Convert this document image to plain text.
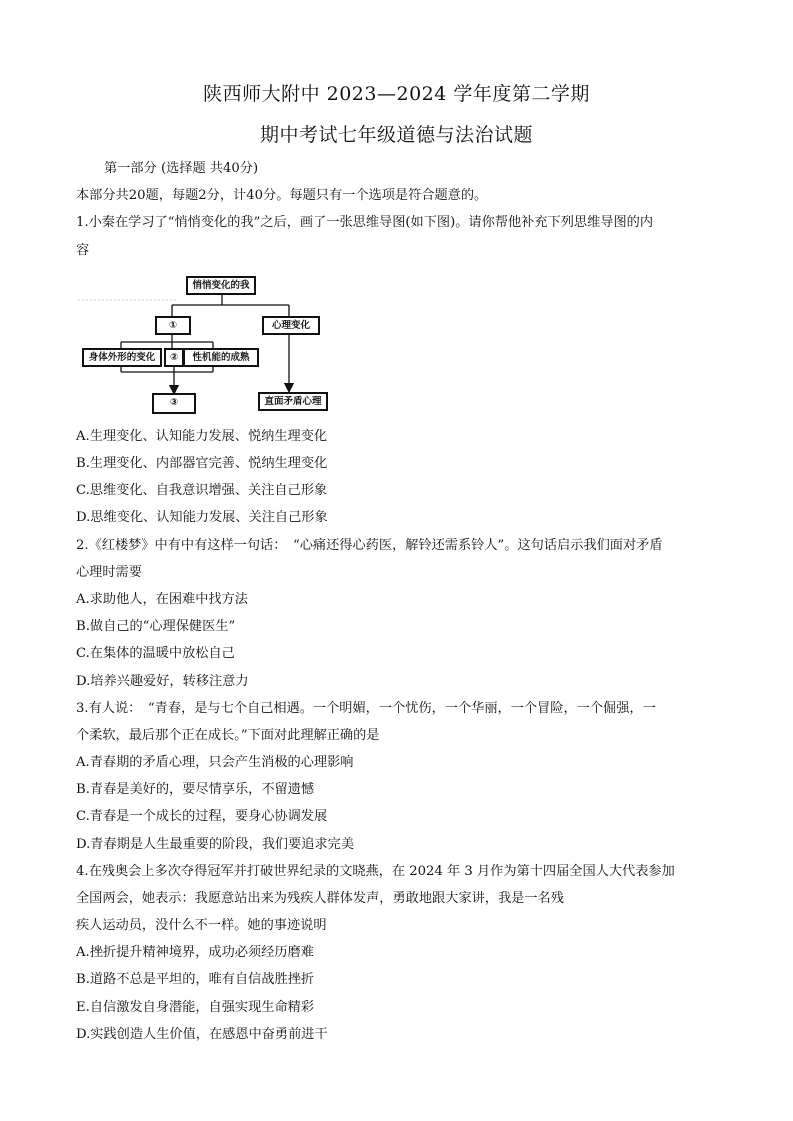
陕西师大附中 2023—2024 学年度第二学期
期中考试七年级道德与法治试题
第一部分 (选择题 共40分)
本部分共20题，每题2分，计40分。每题只有一个选项是符合题意的。
1.小秦在学习了“悄悄变化的我”之后，画了一张思维导图(如下图)。请你帮他补充下列思维导图的内
容
悄悄变化的我
①	心理变化
身体外形的变化	②	性机能的成熟
③	直面矛盾心理
A.生理变化、认知能力发展、悦纳生理变化
B.生理变化、内部器官完善、悦纳生理变化
C.思维变化、自我意识增强、关注自己形象
D.思维变化、认知能力发展、关注自己形象
2.《红楼梦》中有中有这样一句话：　“心痛还得心药医，解铃还需系铃人”。这句话启示我们面对矛盾
心理时需要
A.求助他人，在困难中找方法
B.做自己的“心理保健医生”
C.在集体的温暖中放松自己
D.培养兴趣爱好，转移注意力
3.有人说：　“青春，是与七个自己相遇。一个明媚，一个忧伤，一个华丽，一个冒险，一个倔强，一
个柔软，最后那个正在成长。”下面对此理解正确的是
A.青春期的矛盾心理，只会产生消极的心理影响
B.青春是美好的，要尽情享乐，不留遗憾
C.青春是一个成长的过程，要身心协调发展
D.青春期是人生最重要的阶段，我们要追求完美
4.在残奥会上多次夺得冠军并打破世界纪录的文晓燕，在 2024 年 3 月作为第十四届全国人大代表参加
全国两会，她表示：我愿意站出来为残疾人群体发声，勇敢地跟大家讲，我是一名残
疾人运动员，没什么不一样。她的事迹说明
A.挫折提升精神境界，成功必须经历磨难
B.道路不总是平坦的，唯有自信战胜挫折
E.自信激发自身潜能，自强实现生命精彩
D.实践创造人生价值，在感恩中奋勇前进干
